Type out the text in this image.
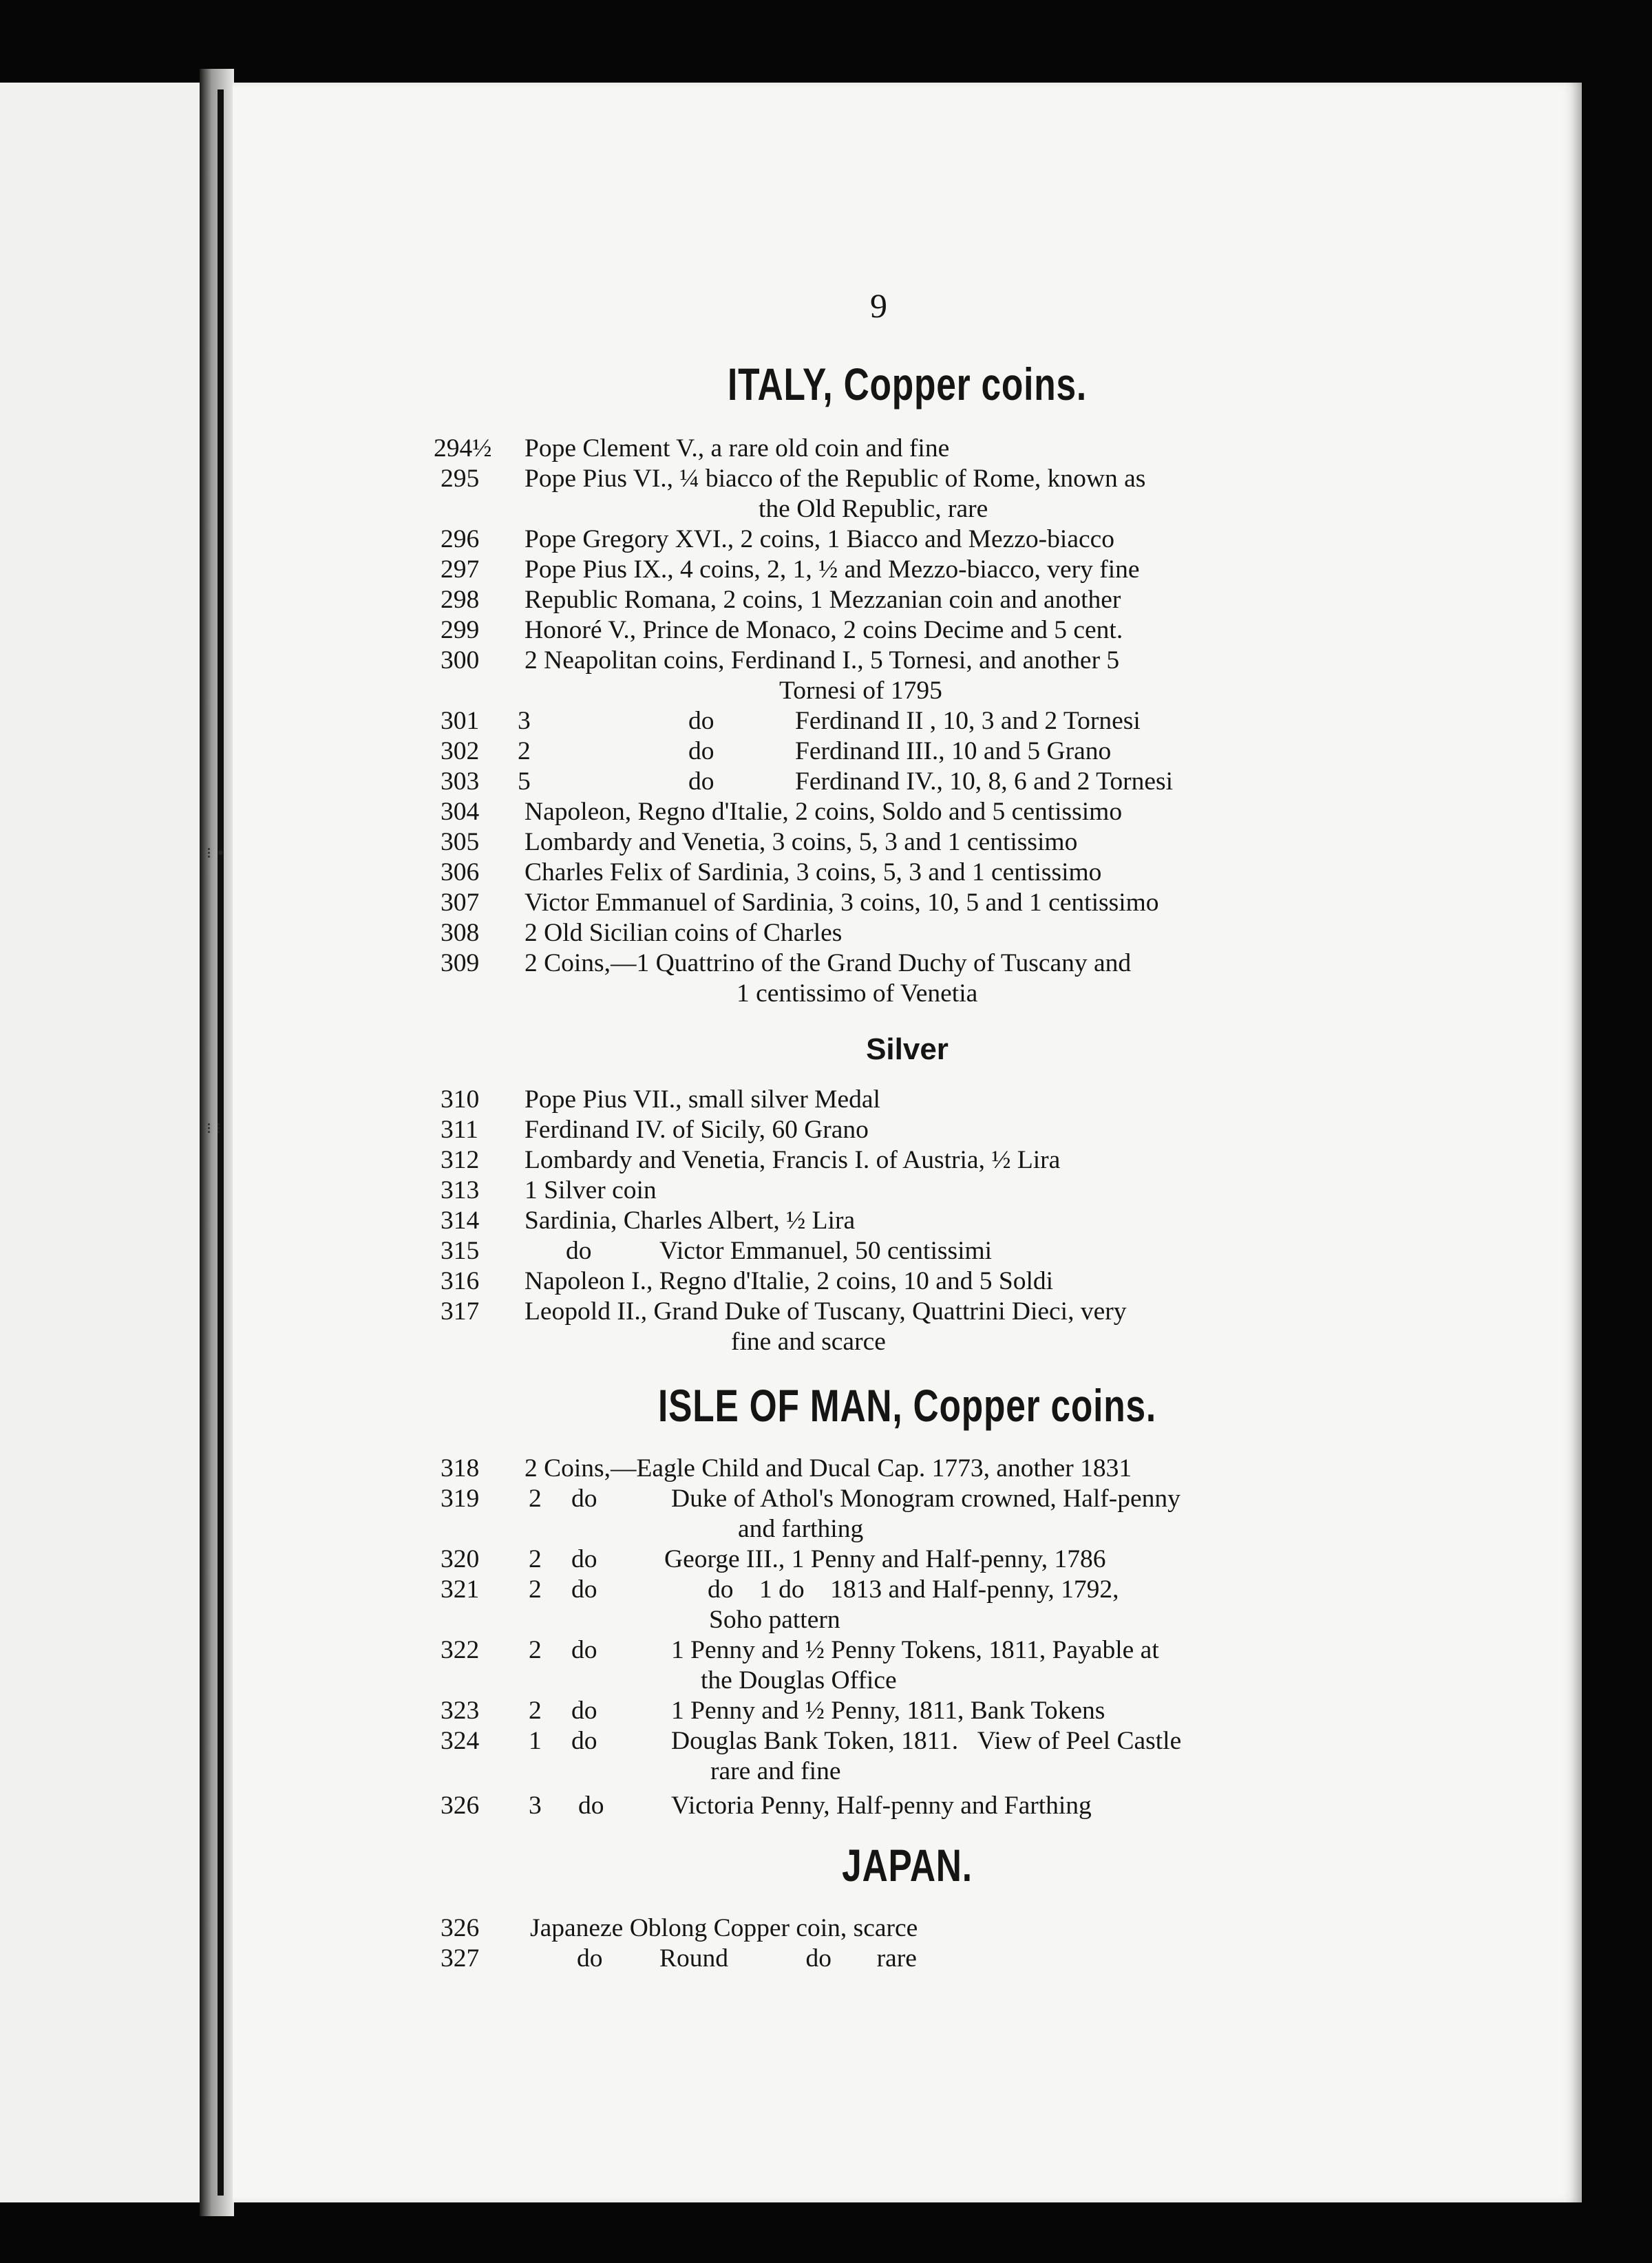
⁝ •
⁝ ⁝
9
ITALY, Copper coins.
294½	Pope Clement V., a rare old coin and fine
295	Pope Pius VI., ¼ biacco of the Republic of Rome, known as
the Old Republic, rare
296	Pope Gregory XVI., 2 coins, 1 Biacco and Mezzo-biacco
297	Pope Pius IX., 4 coins, 2, 1, ½ and Mezzo-biacco, very fine
298	Republic Romana, 2 coins, 1 Mezzanian coin and another
299	Honoré V., Prince de Monaco, 2 coins Decime and 5 cent.
300	2 Neapolitan coins, Ferdinand I., 5 Tornesi, and another 5
Tornesi of 1795
301	3	do	Ferdinand II , 10, 3 and 2 Tornesi
302	2	do	Ferdinand III., 10 and 5 Grano
303	5	do	Ferdinand IV., 10, 8, 6 and 2 Tornesi
304	Napoleon, Regno d'Italie, 2 coins, Soldo and 5 centissimo
305	Lombardy and Venetia, 3 coins, 5, 3 and 1 centissimo
306	Charles Felix of Sardinia, 3 coins, 5, 3 and 1 centissimo
307	Victor Emmanuel of Sardinia, 3 coins, 10, 5 and 1 centissimo
308	2 Old Sicilian coins of Charles
309	2 Coins,—1 Quattrino of the Grand Duchy of Tuscany and
1 centissimo of Venetia
Silver
310	Pope Pius VII., small silver Medal
311	Ferdinand IV. of Sicily, 60 Grano
312	Lombardy and Venetia, Francis I. of Austria, ½ Lira
313	1 Silver coin
314	Sardinia, Charles Albert, ½ Lira
315	do	Victor Emmanuel, 50 centissimi
316	Napoleon I., Regno d'Italie, 2 coins, 10 and 5 Soldi
317	Leopold II., Grand Duke of Tuscany, Quattrini Dieci, very
fine and scarce
ISLE OF MAN, Copper coins.
318	2 Coins,—Eagle Child and Ducal Cap. 1773, another 1831
319	2 do	Duke of Athol's Monogram crowned, Half-penny
and farthing
320	2 do	George III., 1 Penny and Half-penny, 1786
321	2 do	do    1 do    1813 and Half-penny, 1792,
Soho pattern
322	2 do	1 Penny and ½ Penny Tokens, 1811, Payable at
the Douglas Office
323	2 do	1 Penny and ½ Penny, 1811, Bank Tokens
324	1 do	Douglas Bank Token, 1811.   View of Peel Castle
rare and fine
326	3 do	Victoria Penny, Half-penny and Farthing
JAPAN.
326	Japaneze Oblong Copper coin, scarce
327	do Round            do       rare
